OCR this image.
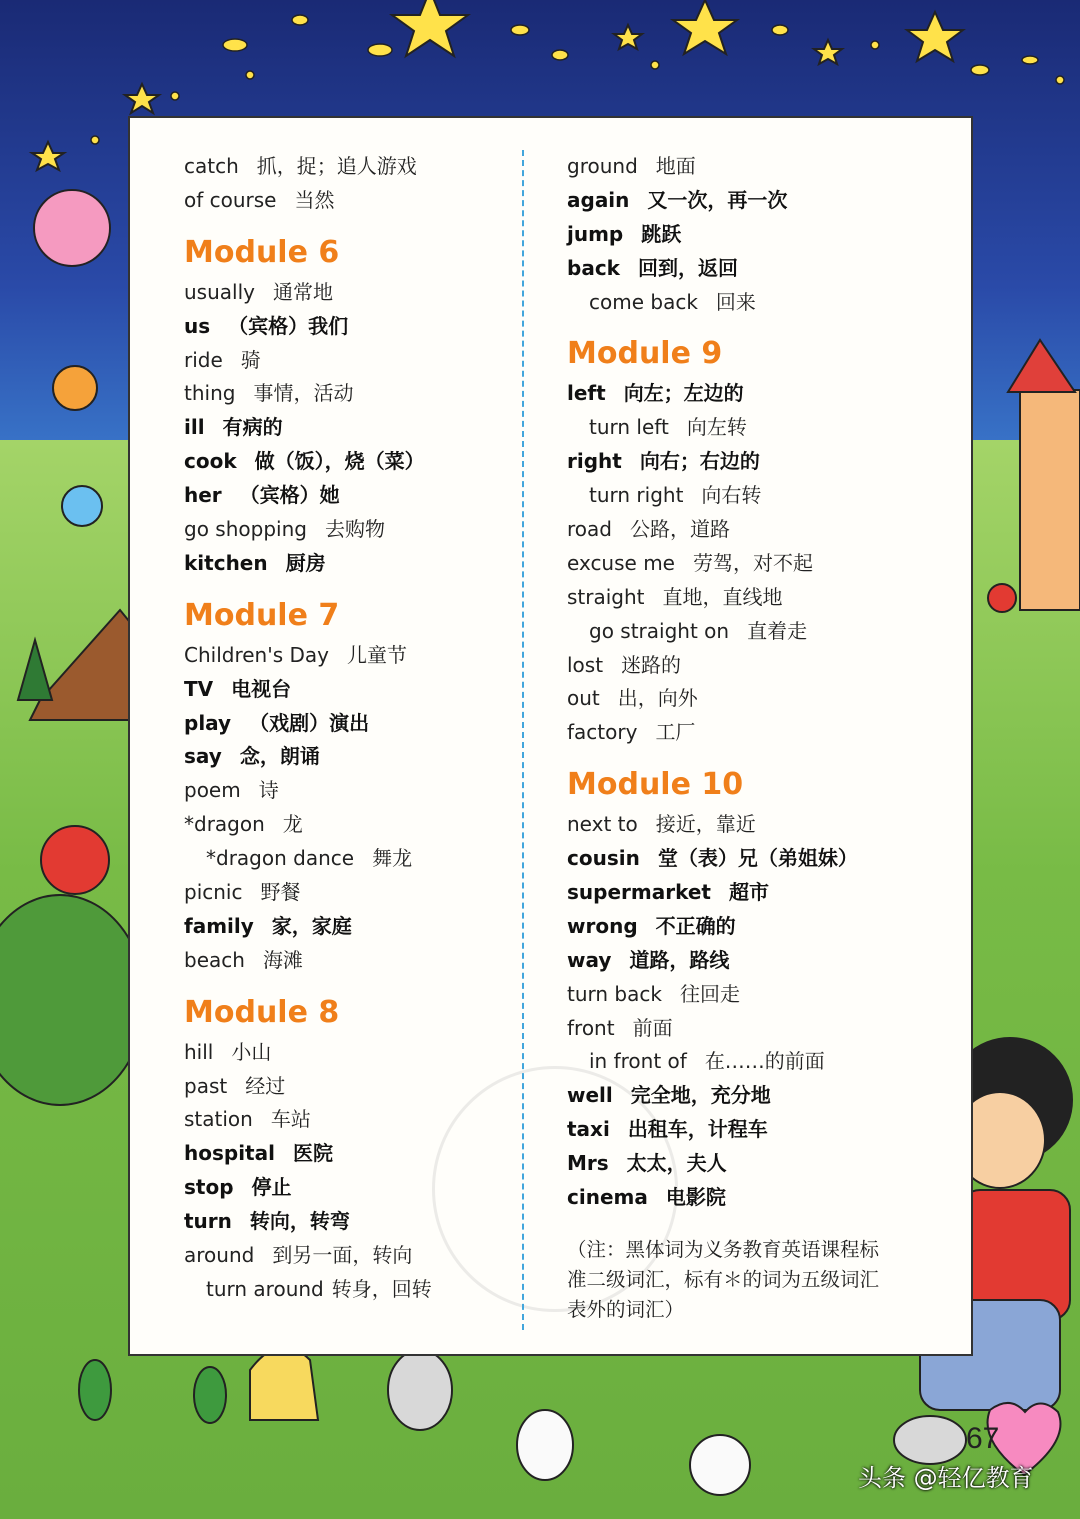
catch 抓，捉；追人游戏
of course 当然
Module 6
usually 通常地
us （宾格）我们
ride 骑
thing 事情，活动
ill 有病的
cook 做（饭），烧（菜）
her （宾格）她
go shopping 去购物
kitchen 厨房
Module 7
Children's Day 儿童节
TV 电视台
play （戏剧）演出
say 念，朗诵
poem 诗
*dragon 龙
*dragon dance 舞龙
picnic 野餐
family 家，家庭
beach 海滩
Module 8
hill 小山
past 经过
station 车站
hospital 医院
stop 停止
turn 转向，转弯
around 到另一面，转向
turn around 转身，回转
ground 地面
again 又一次，再一次
jump 跳跃
back 回到，返回
come back 回来
Module 9
left 向左；左边的
turn left 向左转
right 向右；右边的
turn right 向右转
road 公路，道路
excuse me 劳驾，对不起
straight 直地，直线地
go straight on 直着走
lost 迷路的
out 出，向外
factory 工厂
Module 10
next to 接近，靠近
cousin 堂（表）兄（弟姐妹）
supermarket 超市
wrong 不正确的
way 道路，路线
turn back 往回走
front 前面
in front of 在……的前面
well 完全地，充分地
taxi 出租车，计程车
Mrs 太太，夫人
cinema 电影院
（注：黑体词为义务教育英语课程标准二级词汇，标有＊的词为五级词汇表外的词汇）
67
头条 @轻亿教育
